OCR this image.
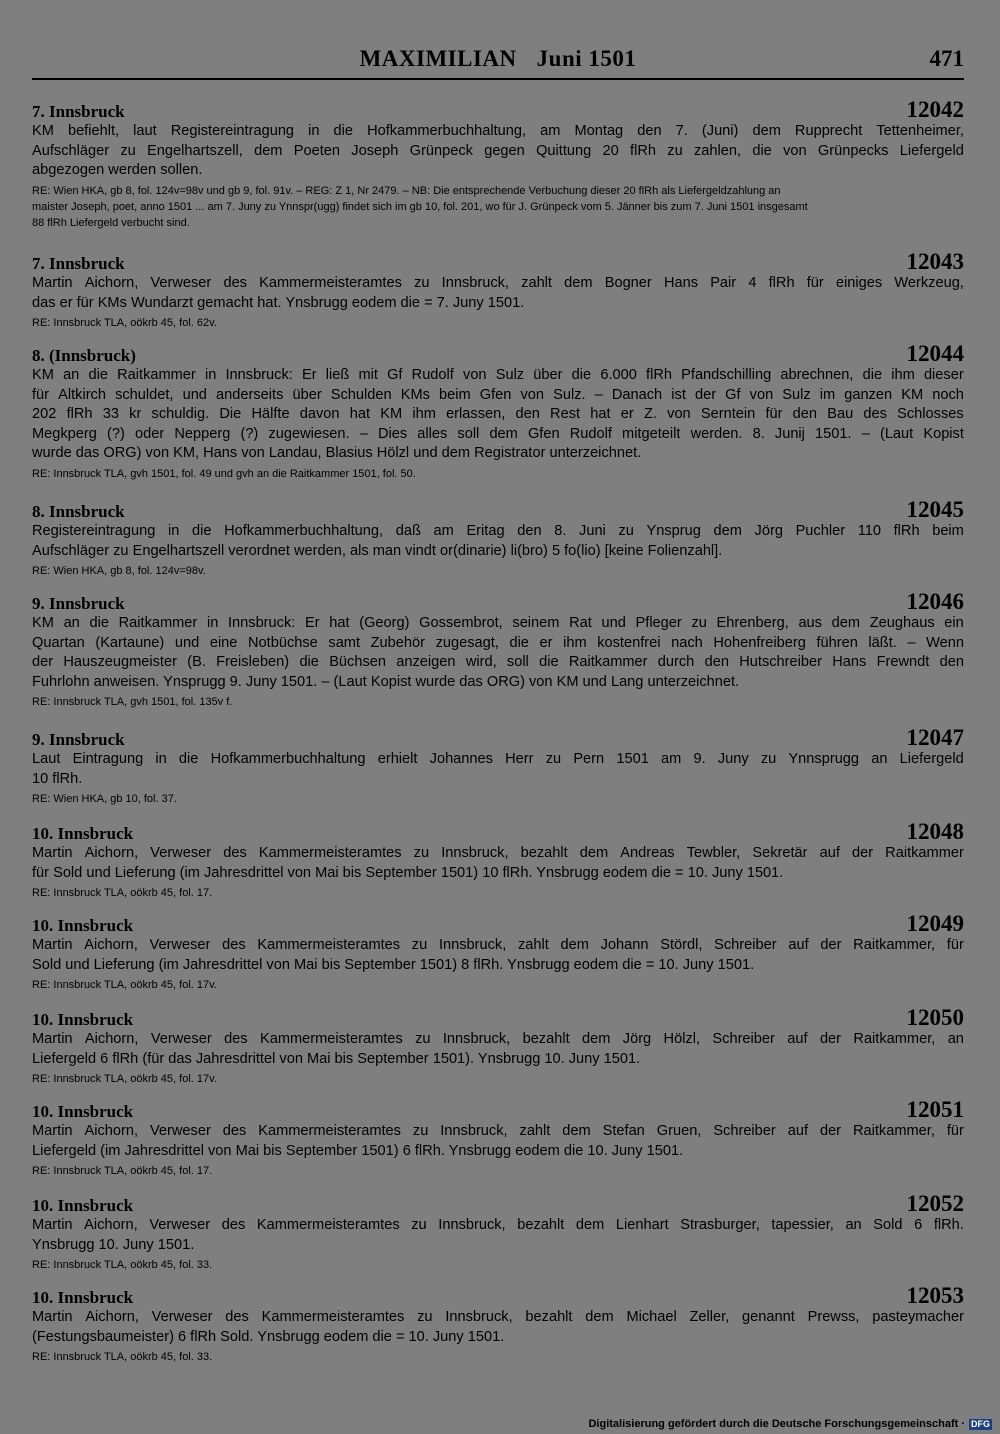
MAXIMILIAN Juni 1501	471
7. Innsbruck	12042
KM befiehlt, laut Registereintragung in die Hofkammerbuchhaltung, am Montag den 7. (Juni) dem Rupprecht Tettenheimer,
Aufschläger zu Engelhartszell, dem Poeten Joseph Grünpeck gegen Quittung 20 flRh zu zahlen, die von Grünpecks Liefergeld
abgezogen werden sollen.
RE: Wien HKA, gb 8, fol. 124v=98v und gb 9, fol. 91v. – REG: Z 1, Nr 2479. – NB: Die entsprechende Verbuchung dieser 20 flRh als Liefergeldzahlung an
maister Joseph, poet, anno 1501 ... am 7. Juny zu Ynnspr(ugg) findet sich im gb 10, fol. 201, wo für J. Grünpeck vom 5. Jänner bis zum 7. Juni 1501 insgesamt
88 flRh Liefergeld verbucht sind.
7. Innsbruck	12043
Martin Aichorn, Verweser des Kammermeisteramtes zu Innsbruck, zahlt dem Bogner Hans Pair 4 flRh für einiges Werkzeug,
das er für KMs Wundarzt gemacht hat. Ynsbrugg eodem die = 7. Juny 1501.
RE: Innsbruck TLA, oökrb 45, fol. 62v.
8. (Innsbruck)	12044
KM an die Raitkammer in Innsbruck: Er ließ mit Gf Rudolf von Sulz über die 6.000 flRh Pfandschilling abrechnen, die ihm dieser
für Altkirch schuldet, und anderseits über Schulden KMs beim Gfen von Sulz. – Danach ist der Gf von Sulz im ganzen KM noch
202 flRh 33 kr schuldig. Die Hälfte davon hat KM ihm erlassen, den Rest hat er Z. von Serntein für den Bau des Schlosses
Megkperg (?) oder Nepperg (?) zugewiesen. – Dies alles soll dem Gfen Rudolf mitgeteilt werden. 8. Junij 1501. – (Laut Kopist
wurde das ORG) von KM, Hans von Landau, Blasius Hölzl und dem Registrator unterzeichnet.
RE: Innsbruck TLA, gvh 1501, fol. 49 und gvh an die Raitkammer 1501, fol. 50.
8. Innsbruck	12045
Registereintragung in die Hofkammerbuchhaltung, daß am Eritag den 8. Juni zu Ynsprug dem Jörg Puchler 110 flRh beim
Aufschläger zu Engelhartszell verordnet werden, als man vindt or(dinarie) li(bro) 5 fo(lio) [keine Folienzahl].
RE: Wien HKA, gb 8, fol. 124v=98v.
9. Innsbruck	12046
KM an die Raitkammer in Innsbruck: Er hat (Georg) Gossembrot, seinem Rat und Pfleger zu Ehrenberg, aus dem Zeughaus ein
Quartan (Kartaune) und eine Notbüchse samt Zubehör zugesagt, die er ihm kostenfrei nach Hohenfreiberg führen läßt. – Wenn
der Hauszeugmeister (B. Freisleben) die Büchsen anzeigen wird, soll die Raitkammer durch den Hutschreiber Hans Frewndt den
Fuhrlohn anweisen. Ynsprugg 9. Juny 1501. – (Laut Kopist wurde das ORG) von KM und Lang unterzeichnet.
RE: Innsbruck TLA, gvh 1501, fol. 135v f.
9. Innsbruck	12047
Laut Eintragung in die Hofkammerbuchhaltung erhielt Johannes Herr zu Pern 1501 am 9. Juny zu Ynnsprugg an Liefergeld
10 flRh.
RE: Wien HKA, gb 10, fol. 37.
10. Innsbruck	12048
Martin Aichorn, Verweser des Kammermeisteramtes zu Innsbruck, bezahlt dem Andreas Tewbler, Sekretär auf der Raitkammer
für Sold und Lieferung (im Jahresdrittel von Mai bis September 1501) 10 flRh. Ynsbrugg eodem die = 10. Juny 1501.
RE: Innsbruck TLA, oökrb 45, fol. 17.
10. Innsbruck	12049
Martin Aichorn, Verweser des Kammermeisteramtes zu Innsbruck, zahlt dem Johann Stördl, Schreiber auf der Raitkammer, für
Sold und Lieferung (im Jahresdrittel von Mai bis September 1501) 8 flRh. Ynsbrugg eodem die = 10. Juny 1501.
RE: Innsbruck TLA, oökrb 45, fol. 17v.
10. Innsbruck	12050
Martin Aichorn, Verweser des Kammermeisteramtes zu Innsbruck, bezahlt dem Jörg Hölzl, Schreiber auf der Raitkammer, an
Liefergeld 6 flRh (für das Jahresdrittel von Mai bis September 1501). Ynsbrugg 10. Juny 1501.
RE: Innsbruck TLA, oökrb 45, fol. 17v.
10. Innsbruck	12051
Martin Aichorn, Verweser des Kammermeisteramtes zu Innsbruck, zahlt dem Stefan Gruen, Schreiber auf der Raitkammer, für
Liefergeld (im Jahresdrittel von Mai bis September 1501) 6 flRh. Ynsbrugg eodem die 10. Juny 1501.
RE: Innsbruck TLA, oökrb 45, fol. 17.
10. Innsbruck	12052
Martin Aichorn, Verweser des Kammermeisteramtes zu Innsbruck, bezahlt dem Lienhart Strasburger, tapessier, an Sold 6 flRh.
Ynsbrugg 10. Juny 1501.
RE: Innsbruck TLA, oökrb 45, fol. 33.
10. Innsbruck	12053
Martin Aichorn, Verweser des Kammermeisteramtes zu Innsbruck, bezahlt dem Michael Zeller, genannt Prewss, pasteymacher
(Festungsbaumeister) 6 flRh Sold. Ynsbrugg eodem die = 10. Juny 1501.
RE: Innsbruck TLA, oökrb 45, fol. 33.
Digitalisierung gefördert durch die Deutsche Forschungsgemeinschaft · DFG
